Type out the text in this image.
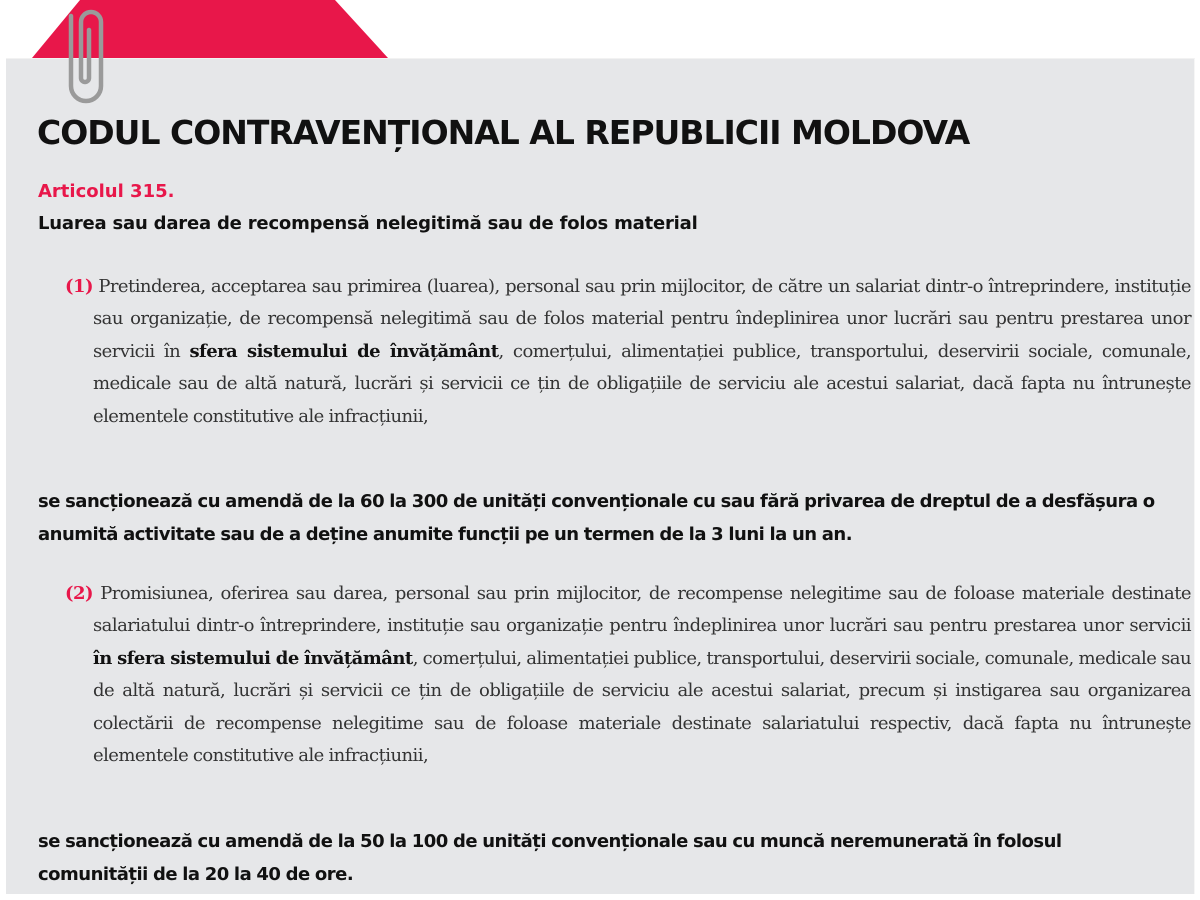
CODUL CONTRAVENȚIONAL AL REPUBLICII MOLDOVA
Articolul 315.
Luarea sau darea de recompensă nelegitimă sau de folos material

(1) Pretinderea, acceptarea sau primirea (luarea), personal sau prin mijlocitor, de către un salariat dintr-o întreprindere, instituție sau organizație, de recompensă nelegitimă sau de folos material pentru îndeplinirea unor lucrări sau pentru prestarea unor servicii în sfera sistemului de învățământ, comerțului, alimentației publice, transportului, deservirii sociale, comunale, medicale sau de altă natură, lucrări și servicii ce țin de obligațiile de serviciu ale acestui salariat, dacă fapta nu întrunește elementele constitutive ale infracțiunii,

se sancționează cu amendă de la 60 la 300 de unități convenționale cu sau fără privarea de dreptul de a desfășura o anumită activitate sau de a deține anumite funcții pe un termen de la 3 luni la un an.

(2) Promisiunea, oferirea sau darea, personal sau prin mijlocitor, de recompense nelegitime sau de foloase materiale destinate salariatului dintr-o întreprindere, instituție sau organizație pentru îndeplinirea unor lucrări sau pentru prestarea unor servicii în sfera sistemului de învățământ, comerțului, alimentației publice, transportului, deservirii sociale, comunale, medicale sau de altă natură, lucrări și servicii ce țin de obligațiile de serviciu ale acestui salariat, precum și instigarea sau organizarea colectării de recompense nelegitime sau de foloase materiale destinate salariatului respectiv, dacă fapta nu întrunește elementele constitutive ale infracțiunii,

se sancționează cu amendă de la 50 la 100 de unități convenționale sau cu muncă neremunerată în folosul comunității de la 20 la 40 de ore.
